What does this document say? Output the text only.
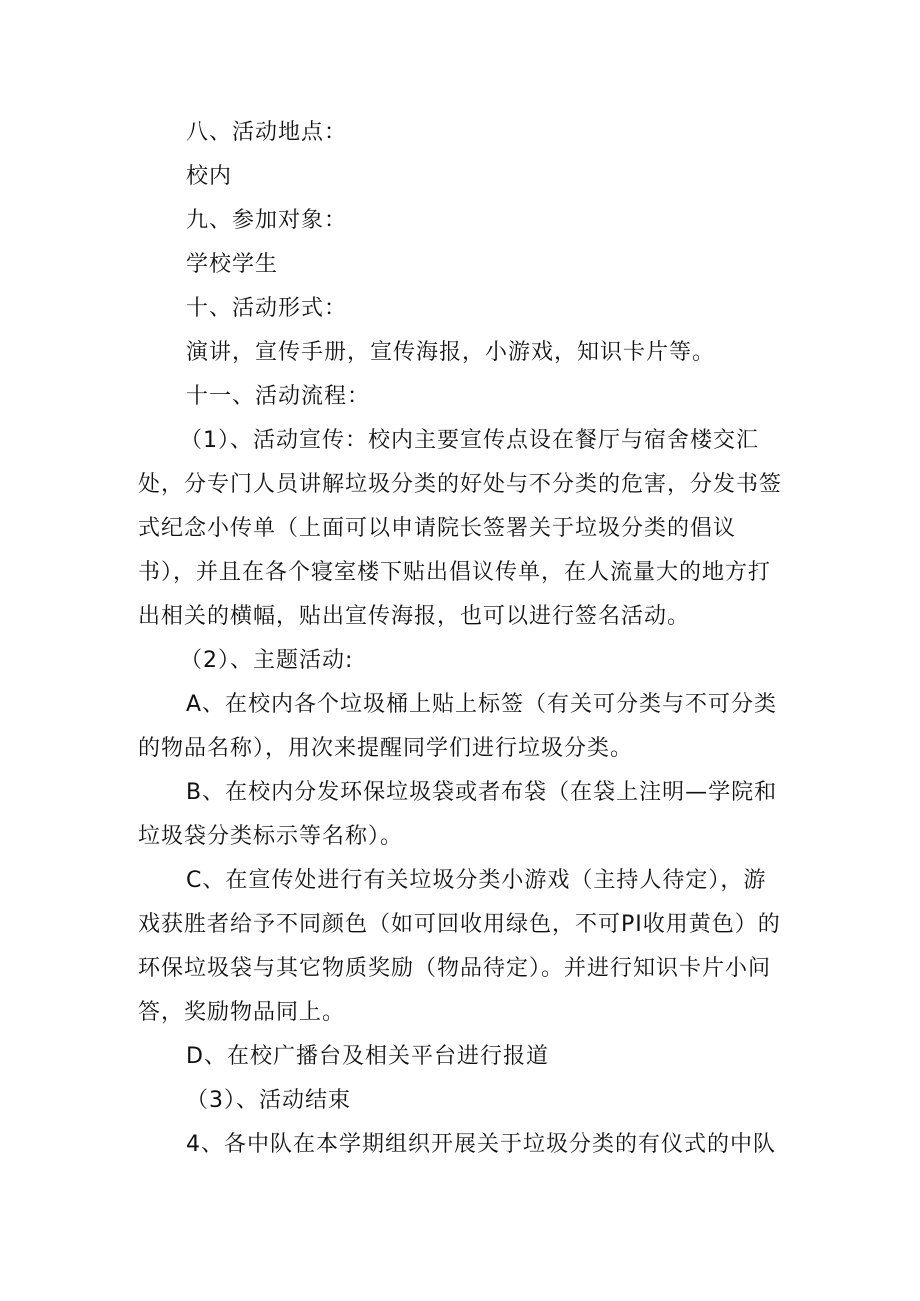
八、活动地点：
校内
九、参加对象：
学校学生
十、活动形式：
演讲，宣传手册，宣传海报，小游戏，知识卡片等。
十一、活动流程：
（1）、活动宣传：校内主要宣传点设在餐厅与宿舍楼交汇
处，分专门人员讲解垃圾分类的好处与不分类的危害，分发书签
式纪念小传单（上面可以申请院长签署关于垃圾分类的倡议
书），并且在各个寝室楼下贴出倡议传单，在人流量大的地方打
出相关的横幅，贴出宣传海报，也可以进行签名活动。
（2）、主题活动:
A、在校内各个垃圾桶上贴上标签（有关可分类与不可分类
的物品名称），用次来提醒同学们进行垃圾分类。
B、在校内分发环保垃圾袋或者布袋（在袋上注明—学院和
垃圾袋分类标示等名称）。
C、在宣传处进行有关垃圾分类小游戏（主持人待定），游
戏获胜者给予不同颜色（如可回收用绿色，不可PI收用黄色）的
环保垃圾袋与其它物质奖励（物品待定）。并进行知识卡片小问
答，奖励物品同上。
D、在校广播台及相关平台进行报道
（3）、活动结束
4、各中队在本学期组织开展关于垃圾分类的有仪式的中队
